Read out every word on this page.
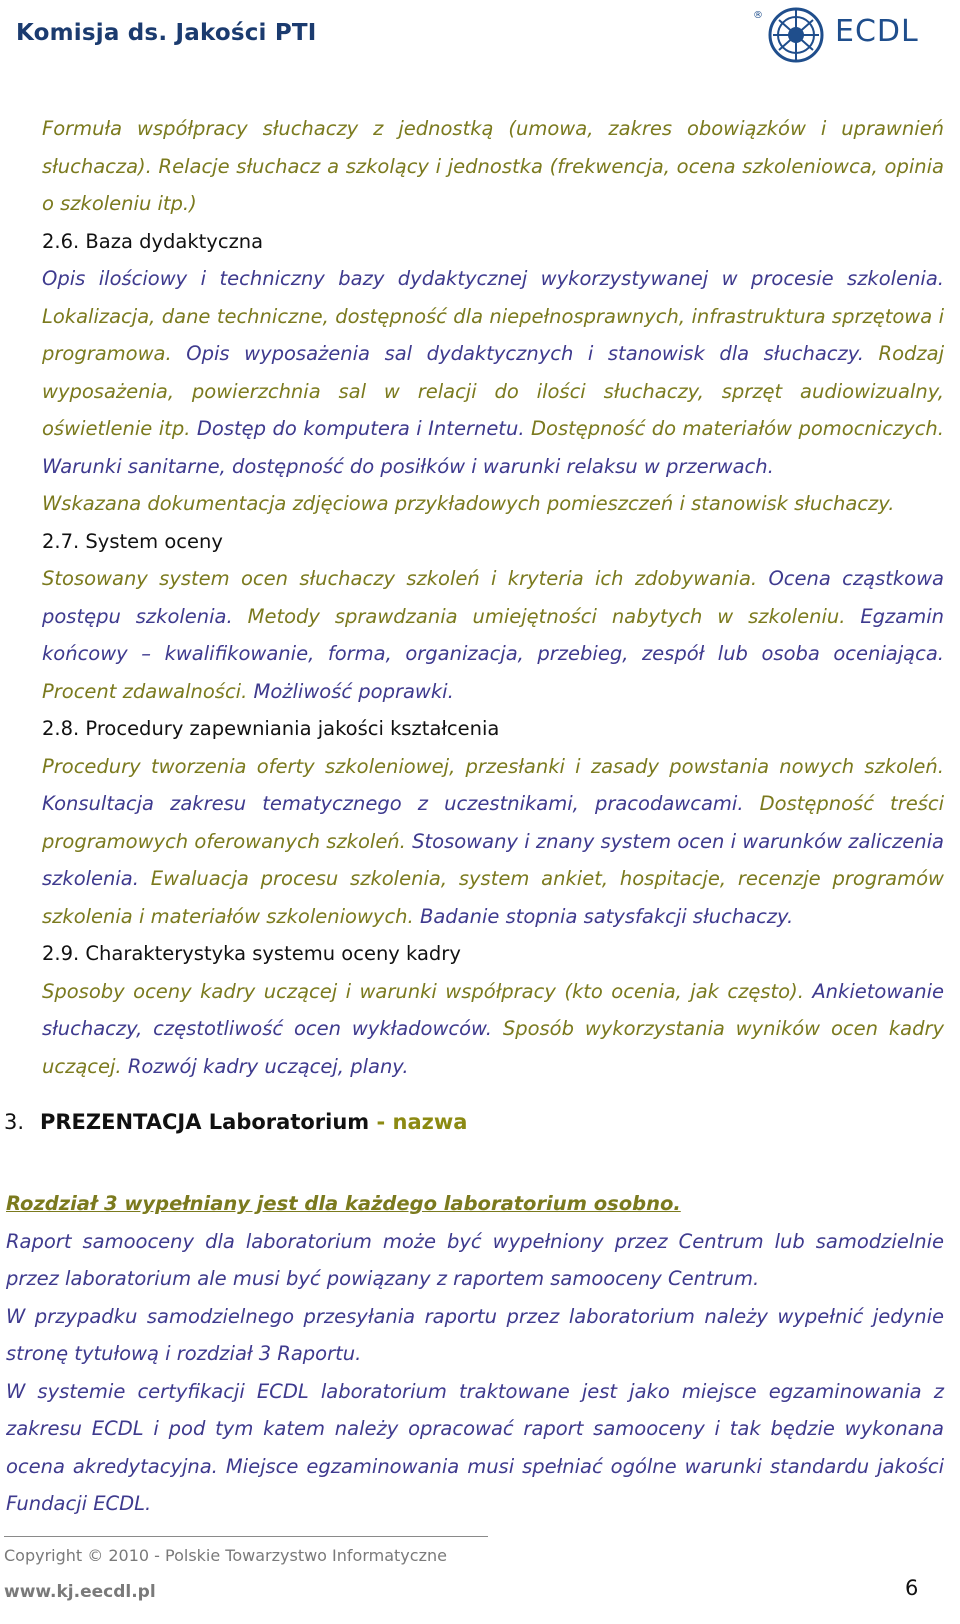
Komisja ds. Jakości PTI
® ECDL

Formuła współpracy słuchaczy z jednostką (umowa, zakres obowiązków i uprawnień słuchacza). Relacje słuchacz a szkolący i jednostka (frekwencja, ocena szkoleniowca, opinia o szkoleniu itp.)

2.6. Baza dydaktyczna

Opis ilościowy i techniczny bazy dydaktycznej wykorzystywanej w procesie szkolenia. Lokalizacja, dane techniczne, dostępność dla niepełnosprawnych, infrastruktura sprzętowa i programowa. Opis wyposażenia sal dydaktycznych i stanowisk dla słuchaczy. Rodzaj wyposażenia, powierzchnia sal w relacji do ilości słuchaczy, sprzęt audiowizualny, oświetlenie itp. Dostęp do komputera i Internetu. Dostępność do materiałów pomocniczych. Warunki sanitarne, dostępność do posiłków i warunki relaksu w przerwach.

Wskazana dokumentacja zdjęciowa przykładowych pomieszczeń i stanowisk słuchaczy.

2.7. System oceny

Stosowany system ocen słuchaczy szkoleń i kryteria ich zdobywania. Ocena cząstkowa postępu szkolenia. Metody sprawdzania umiejętności nabytych w szkoleniu. Egzamin końcowy – kwalifikowanie, forma, organizacja, przebieg, zespół lub osoba oceniająca. Procent zdawalności. Możliwość poprawki.

2.8. Procedury zapewniania jakości kształcenia

Procedury tworzenia oferty szkoleniowej, przesłanki i zasady powstania nowych szkoleń. Konsultacja zakresu tematycznego z uczestnikami, pracodawcami. Dostępność treści programowych oferowanych szkoleń. Stosowany i znany system ocen i warunków zaliczenia szkolenia. Ewaluacja procesu szkolenia, system ankiet, hospitacje, recenzje programów szkolenia i materiałów szkoleniowych. Badanie stopnia satysfakcji słuchaczy.

2.9. Charakterystyka systemu oceny kadry

Sposoby oceny kadry uczącej i warunki współpracy (kto ocenia, jak często). Ankietowanie słuchaczy, częstotliwość ocen wykładowców. Sposób wykorzystania wyników ocen kadry uczącej. Rozwój kadry uczącej, plany.

3. PREZENTACJA Laboratorium - nazwa

Rozdział 3 wypełniany jest dla każdego laboratorium osobno.

Raport samooceny dla laboratorium może być wypełniony przez Centrum lub samodzielnie przez laboratorium ale musi być powiązany z raportem samooceny Centrum.

W przypadku samodzielnego przesyłania raportu przez laboratorium należy wypełnić jedynie stronę tytułową i rozdział 3 Raportu.

W systemie certyfikacji ECDL laboratorium traktowane jest jako miejsce egzaminowania z zakresu ECDL i pod tym katem należy opracować raport samooceny i tak będzie wykonana ocena akredytacyjna. Miejsce egzaminowania musi spełniać ogólne warunki standardu jakości Fundacji ECDL.

Copyright © 2010 - Polskie Towarzystwo Informatyczne
www.kj.eecdl.pl	6
